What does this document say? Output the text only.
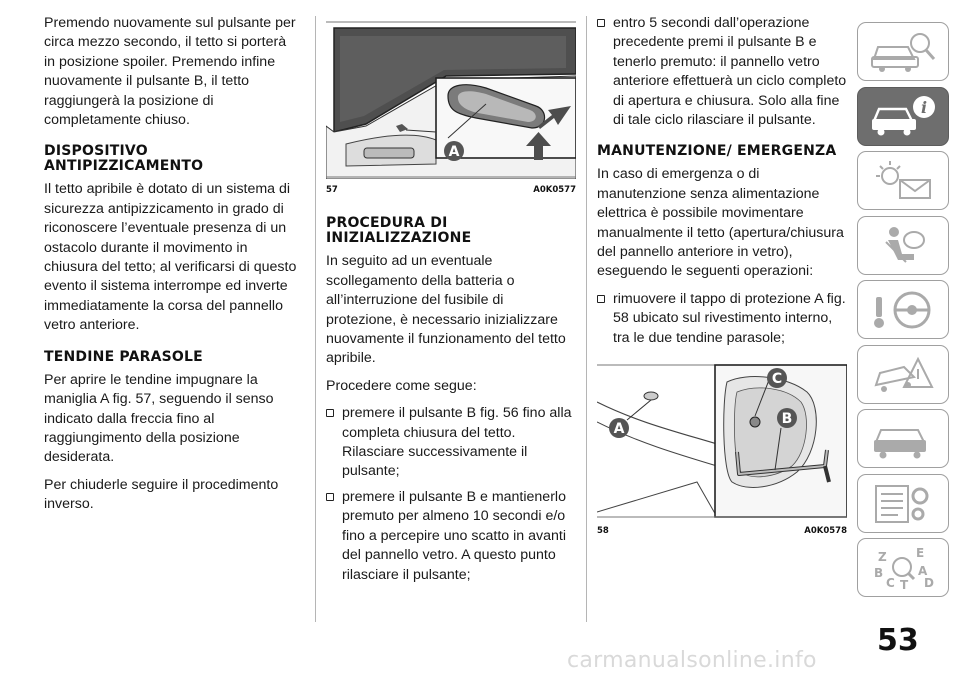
Premendo nuovamente sul pulsante per circa mezzo secondo, il tetto si porterà in posizione spoiler. Premendo infine nuovamente il pulsante B, il tetto raggiungerà la posizione di completamente chiuso.

DISPOSITIVO ANTIPIZZICAMENTO

Il tetto apribile è dotato di un sistema di sicurezza antipizzicamento in grado di riconoscere l’eventuale presenza di un ostacolo durante il movimento in chiusura del tetto; al verificarsi di questo evento il sistema interrompe ed inverte immediatamente la corsa del pannello vetro anteriore.

TENDINE PARASOLE

Per aprire le tendine impugnare la maniglia A fig. 57, seguendo il senso indicato dalla freccia fino al raggiungimento della posizione desiderata.

Per chiuderle seguire il procedimento inverso.

A
57	A0K0577
PROCEDURA DI INIZIALIZZAZIONE

In seguito ad un eventuale scollegamento della batteria o all’interruzione del fusibile di protezione, è necessario inizializzare nuovamente il funzionamento del tetto apribile.

Procedere come segue:

premere il pulsante B fig. 56 fino alla completa chiusura del tetto. Rilasciare successivamente il pulsante;
premere il pulsante B e mantienerlo premuto per almeno 10 secondi e/o fino a percepire uno scatto in avanti del pannello vetro. A questo punto rilasciare il pulsante;
entro 5 secondi dall’operazione precedente premi il pulsante B e tenerlo premuto: il pannello vetro anteriore effettuerà un ciclo completo di apertura e chiusura. Solo alla fine di tale ciclo rilasciare il pulsante.
MANUTENZIONE/ EMERGENZA

In caso di emergenza o di manutenzione senza alimentazione elettrica è possibile movimentare manualmente il tetto (apertura/chiusura del pannello anteriore in vetro), eseguendo le seguenti operazioni:

rimuovere il tappo di protezione A fig. 58 ubicato sul rivestimento interno, tra le due tendine parasole;
A
C
B
58	A0K0578
i
Z E
B	A
C T D
53
carmanualsonline.info
